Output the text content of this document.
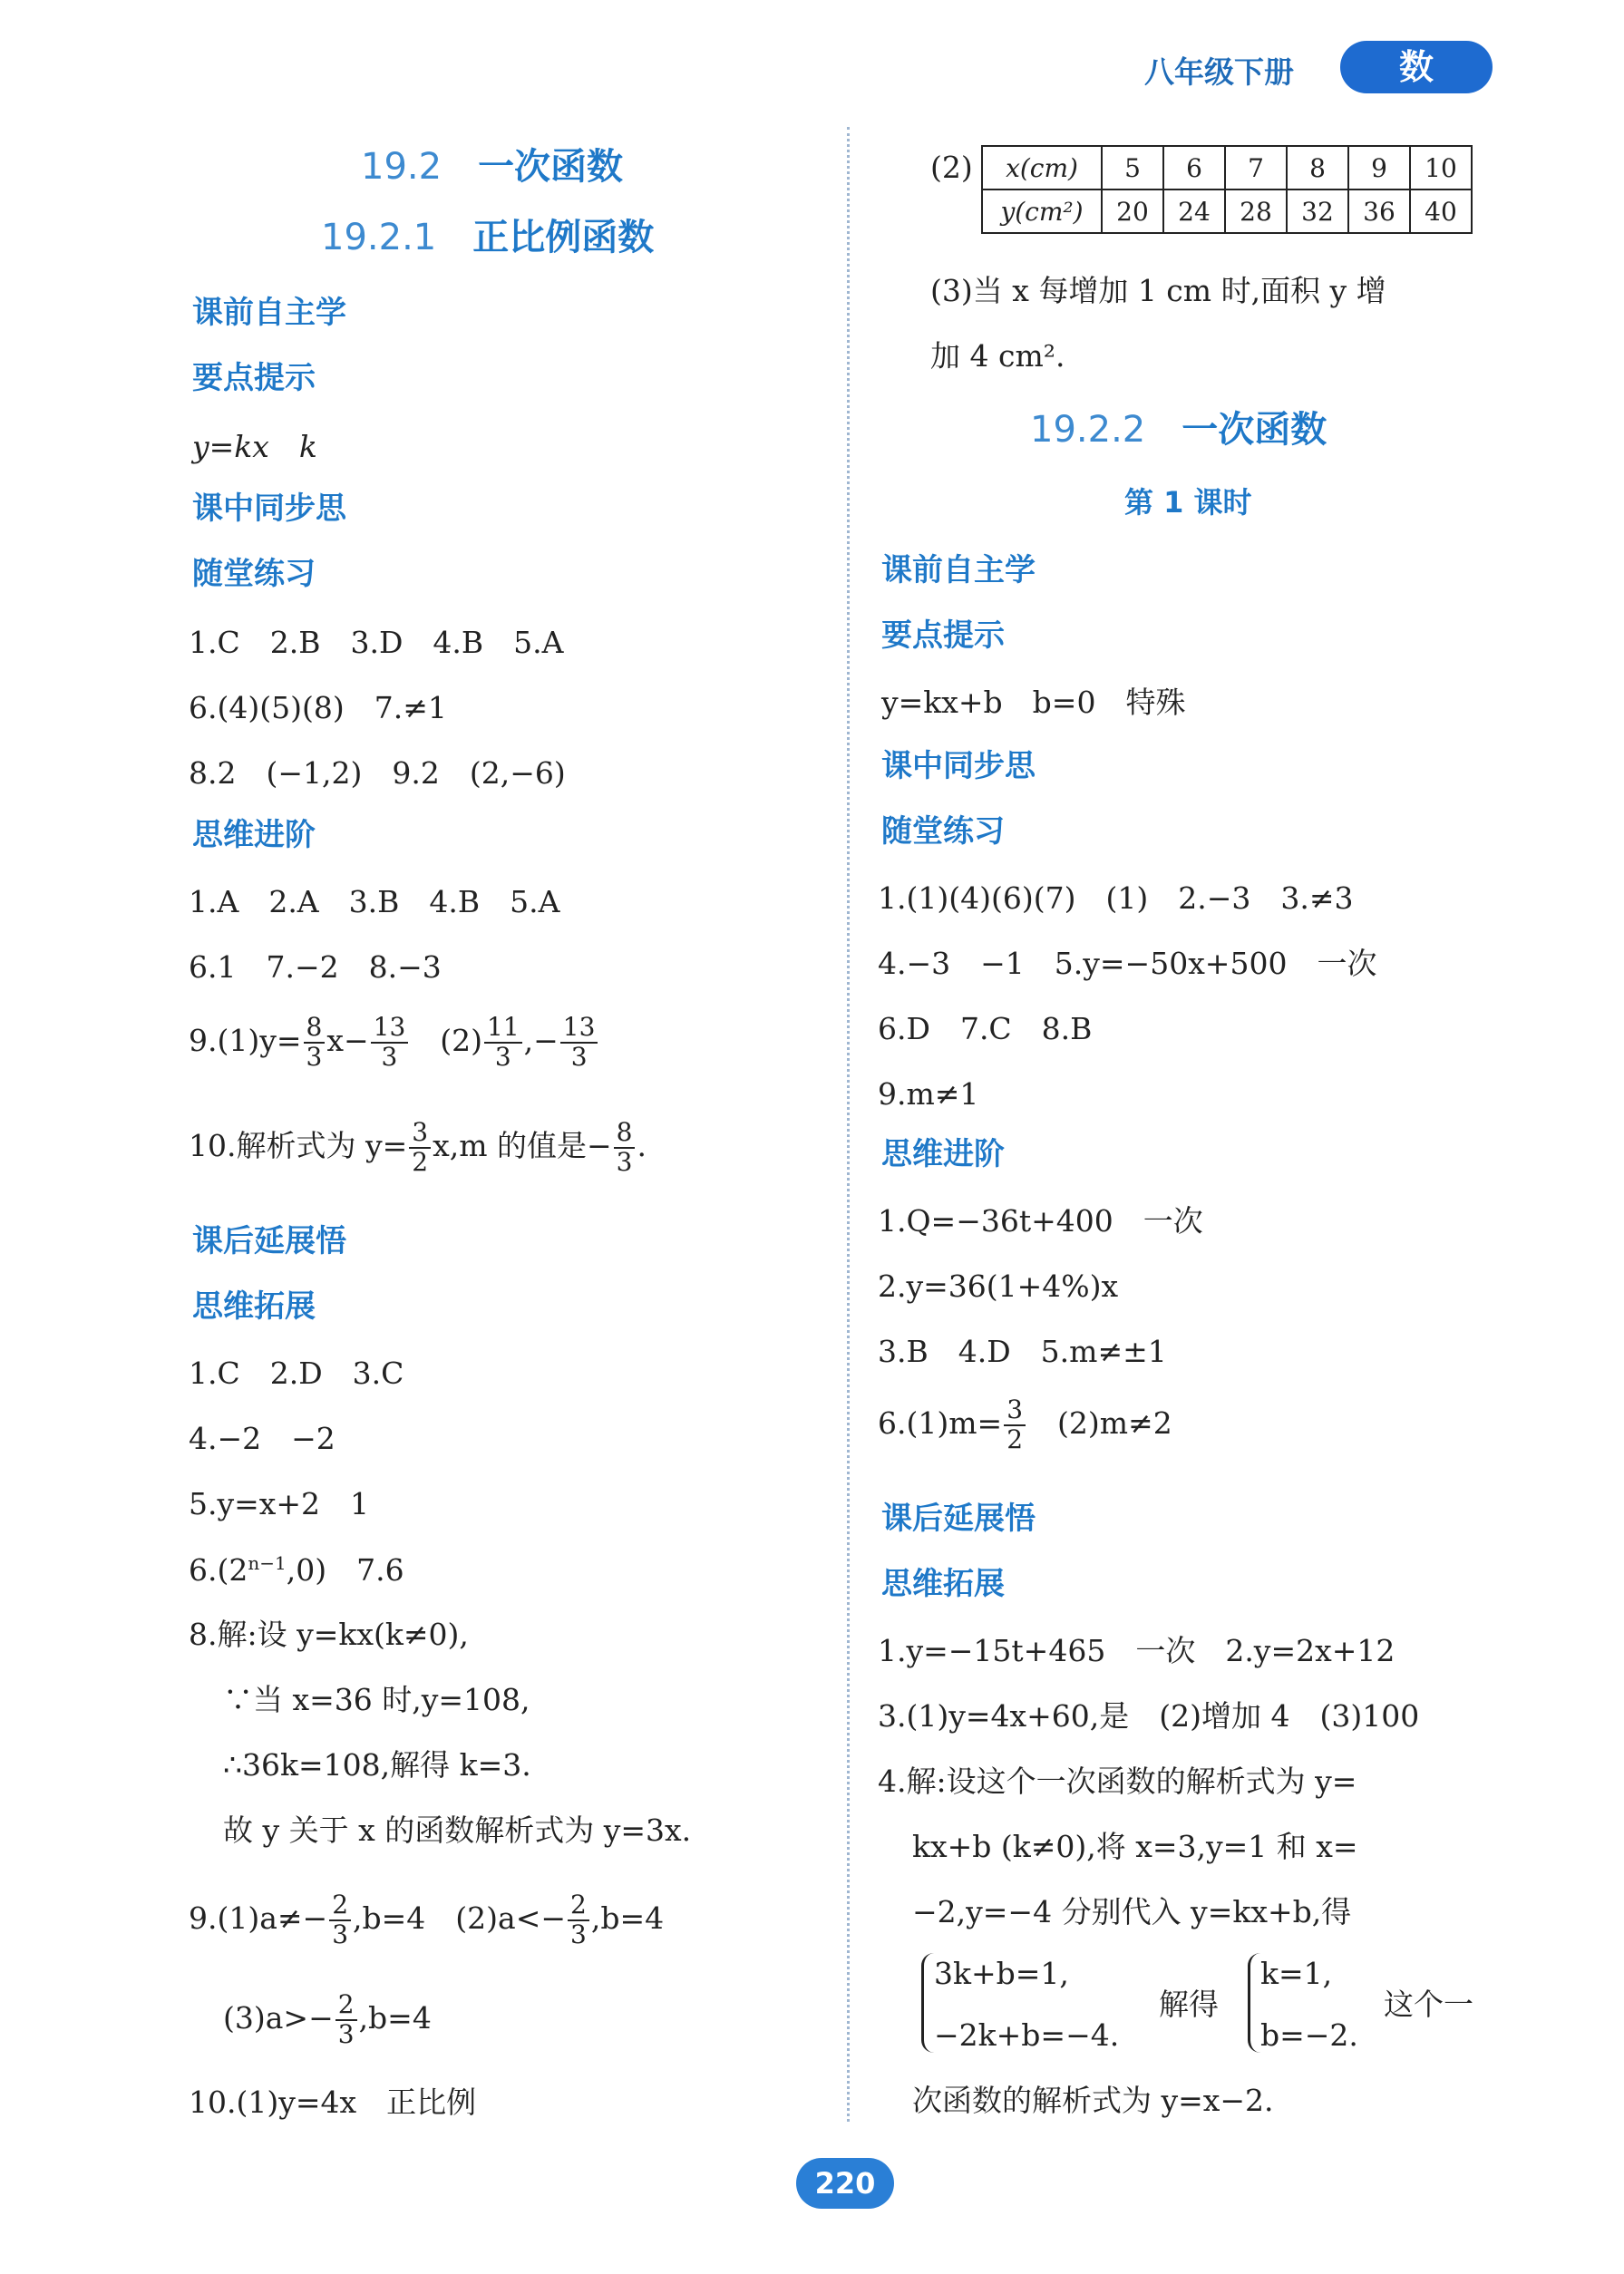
八年级下册	数 学
19.2 一次函数
19.2.1 正比例函数
课前自主学
要点提示
y=kx　k
课中同步思
随堂练习
1.C　2.B　3.D　4.B　5.A
6.(4)(5)(8)　7.≠1
8.2　(−1,2)　9.2　(2,−6)
思维进阶
1.A　2.A　3.B　4.B　5.A
6.1　7.−2　8.−3
$9.(1)y= \frac{8}{3} x- \frac{13}{3}$ 　$(2) \frac{11}{3}$ ,− $\frac{13}{3}$
10.解析式为 $y= \frac{3}{2} x,m$ 的值是− $\frac{8}{3}$ .
课后延展悟
思维拓展
1.C　2.D　3.C
4.−2　−2
5.y=x+2　1
$6.(2^{n-1},0)$　7.6
8.解:设 y=kx(k≠0),
∵当 x=36 时,y=108,
∴36k=108,解得 k=3.
故 y 关于 x 的函数解析式为 y=3x.
$9.(1)a\ne- \frac{2}{3} ,b=4$　$(2)a<- \frac{2}{3} ,b=4$
$(3)a>- \frac{2}{3} ,b=4$
10.(1)y=4x　正比例
(2) x(cm)	5	6	7	8	9	10
y(cm²)	20	24	28	32	36	40
(3)当 x 每增加 1 cm 时,面积 y 增
加 4 cm².
19.2.2 一次函数
第 1 课时
课前自主学
要点提示
y=kx+b　b=0　特殊
课中同步思
随堂练习
1.(1)(4)(6)(7)　(1)　2.−3　3.≠3
4.−3　−1　5.y=−50x+500　一次
6.D　7.C　8.B
9.m≠1
思维进阶
1.Q=−36t+400　一次
2.y=36(1+4%)x
3.B　4.D　5.m≠±1
$6.(1)m= \frac{3}{2}$ 　(2)m≠2
课后延展悟
思维拓展
1.y=−15t+465　一次　2.y=2x+12
3.(1)y=4x+60,是　(2)增加 4　(3)100
4.解:设这个一次函数的解析式为 y=
kx+b (k≠0),将 x=3,y=1 和 x=
−2,y=−4 分别代入 y=kx+b,得
3k+b=1,
−2k+b=−4.
解得
k=1,
b=−2.
这个一
次函数的解析式为 y=x−2.
220
